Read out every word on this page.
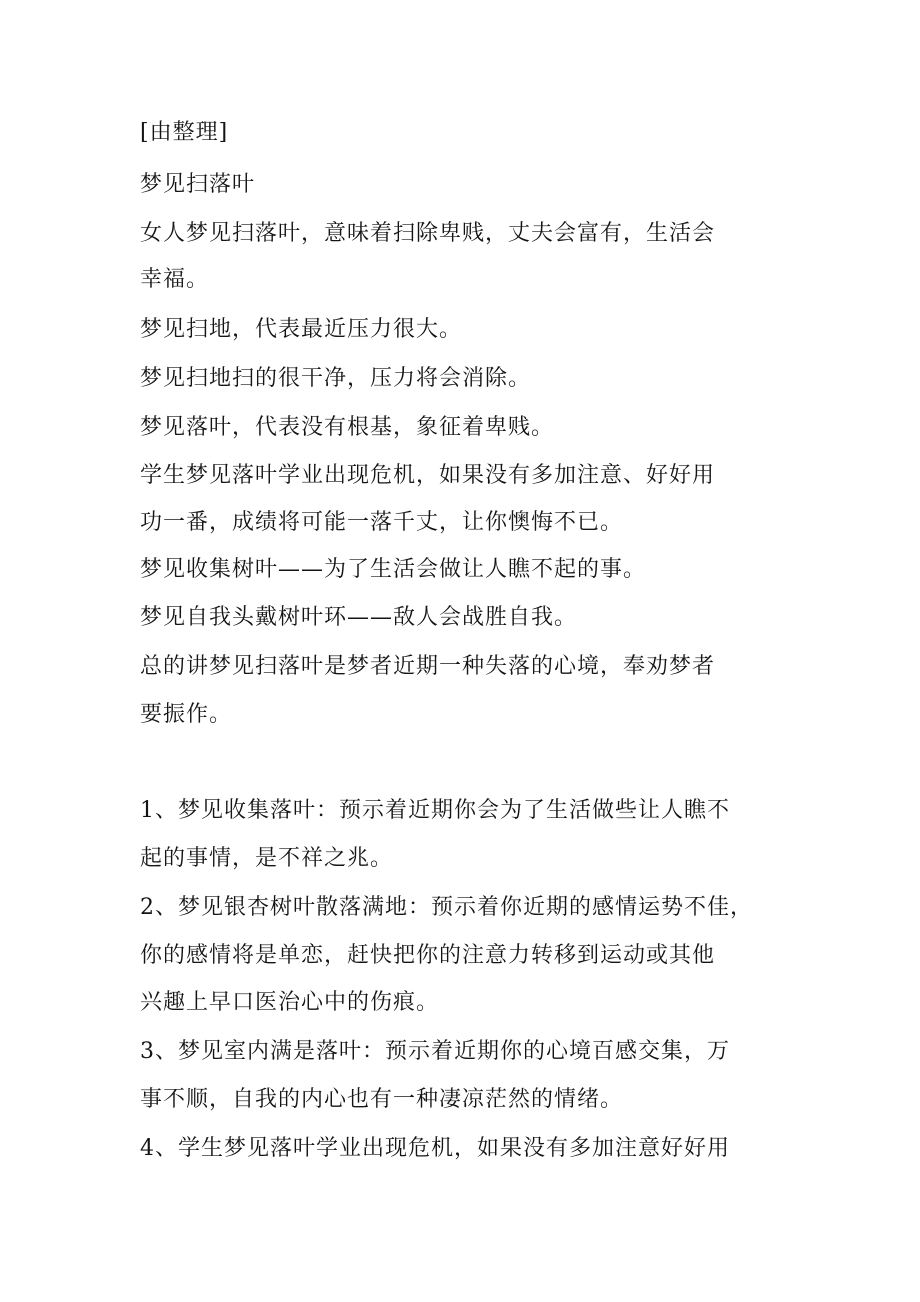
[由整理]
梦见扫落叶
女人梦见扫落叶，意味着扫除卑贱，丈夫会富有，生活会
幸福。
梦见扫地，代表最近压力很大。
梦见扫地扫的很干净，压力将会消除。
梦见落叶，代表没有根基，象征着卑贱。
学生梦见落叶学业出现危机，如果没有多加注意、好好用
功一番，成绩将可能一落千丈，让你懊悔不已。
梦见收集树叶——为了生活会做让人瞧不起的事。
梦见自我头戴树叶环——敌人会战胜自我。
总的讲梦见扫落叶是梦者近期一种失落的心境，奉劝梦者
要振作。
1、梦见收集落叶：预示着近期你会为了生活做些让人瞧不
起的事情，是不祥之兆。
2、梦见银杏树叶散落满地：预示着你近期的感情运势不佳，
你的感情将是单恋，赶快把你的注意力转移到运动或其他
兴趣上早口医治心中的伤痕。
3、梦见室内满是落叶：预示着近期你的心境百感交集，万
事不顺，自我的内心也有一种凄凉茫然的情绪。
4、学生梦见落叶学业出现危机，如果没有多加注意好好用
